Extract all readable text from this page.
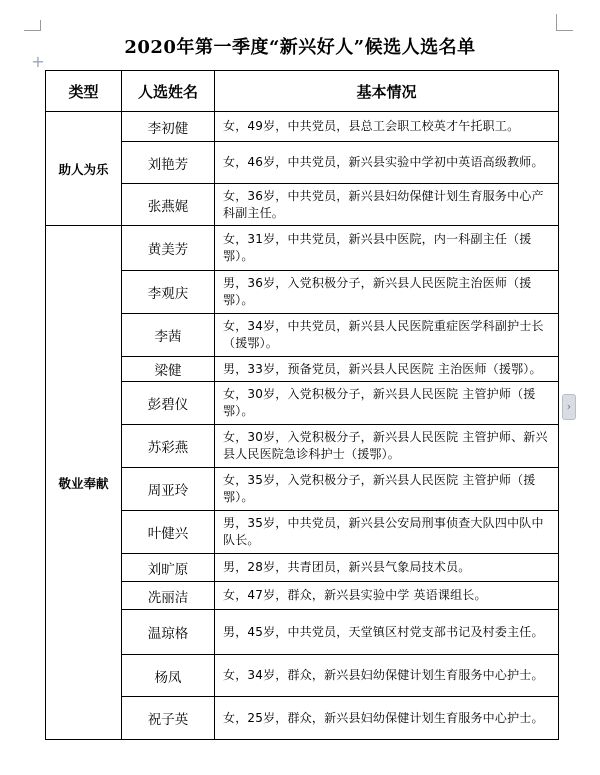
+
›
2020年第一季度“新兴好人”候选人选名单
类型	人选姓名	基本情况
助人为乐	李初健	女，49岁，中共党员，县总工会职工校英才午托职工。
	刘艳芳	女，46岁，中共党员，新兴县实验中学初中英语高级教师。
	张燕娓	女，36岁，中共党员，新兴县妇幼保健计划生育服务中心产科副主任。
敬业奉献	黄美芳	女，31岁，中共党员，新兴县中医院，内一科副主任（援鄂）。
	李观庆	男，36岁，入党积极分子，新兴县人民医院主治医师（援鄂）。
	李茜	女，34岁，中共党员，新兴县人民医院重症医学科副护士长（援鄂）。
	梁健	男，33岁，预备党员，新兴县人民医院 主治医师（援鄂）。
	彭碧仪	女，30岁，入党积极分子，新兴县人民医院 主管护师（援鄂）。
	苏彩燕	女，30岁，入党积极分子，新兴县人民医院 主管护师、新兴县人民医院急诊科护士（援鄂）。
	周亚玲	女，35岁，入党积极分子，新兴县人民医院 主管护师（援鄂）。
	叶健兴	男，35岁，中共党员，新兴县公安局刑事侦查大队四中队中队长。
	刘旷原	男，28岁，共青团员，新兴县气象局技术员。
	冼丽洁	女，47岁，群众，新兴县实验中学 英语课组长。
	温琼格	男，45岁，中共党员，天堂镇区村党支部书记及村委主任。
	杨凤	女，34岁，群众，新兴县妇幼保健计划生育服务中心护士。
	祝子英	女，25岁，群众，新兴县妇幼保健计划生育服务中心护士。
